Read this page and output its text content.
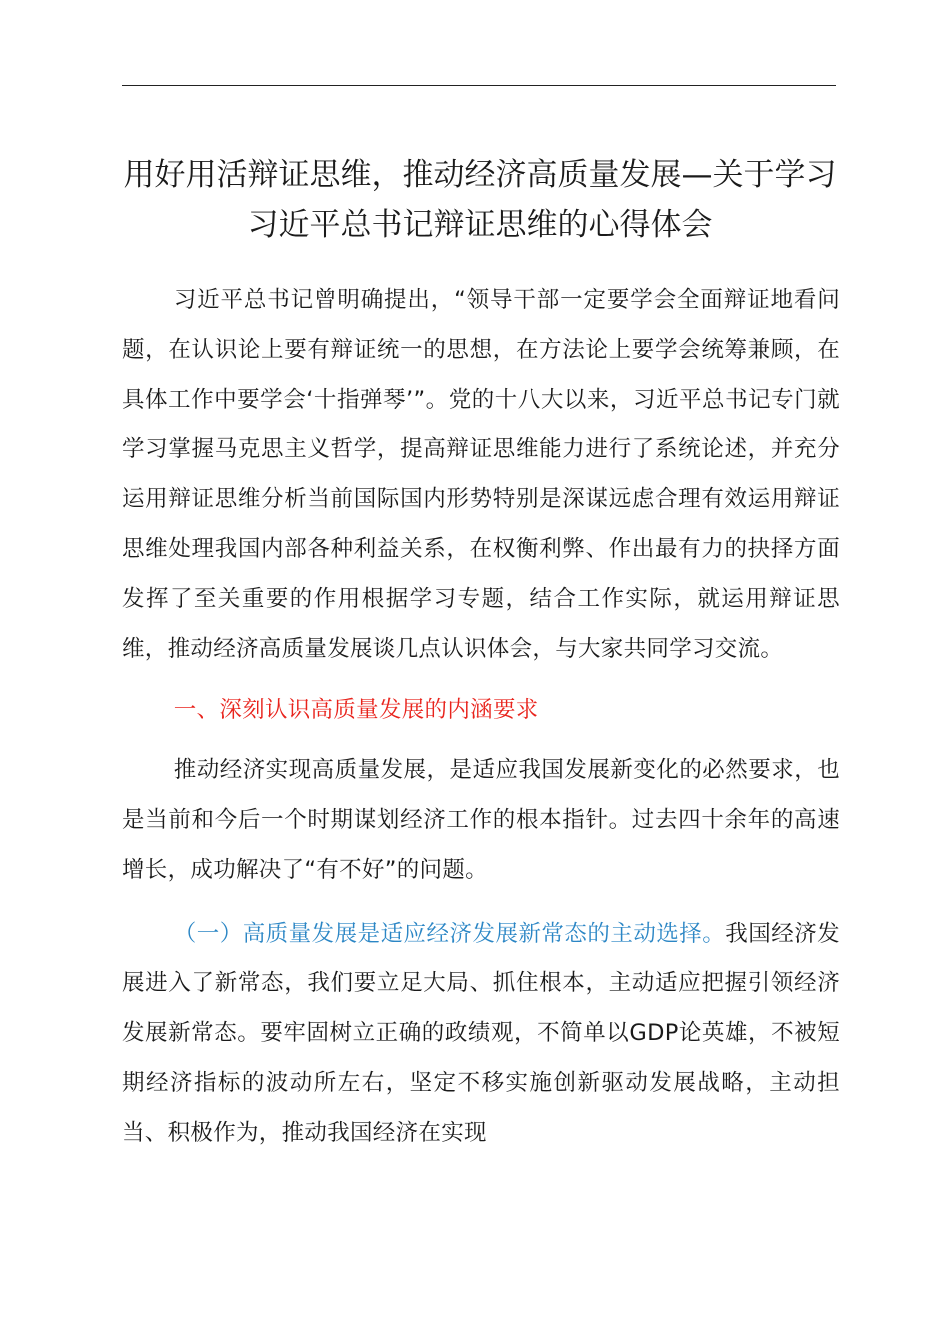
用好用活辩证思维，推动经济高质量发展—关于学习习近平总书记辩证思维的心得体会

习近平总书记曾明确提出，“领导干部一定要学会全面辩证地看问题，在认识论上要有辩证统一的思想，在方法论上要学会统筹兼顾，在具体工作中要学会‘十指弹琴’”。党的十八大以来，习近平总书记专门就学习掌握马克思主义哲学，提高辩证思维能力进行了系统论述，并充分运用辩证思维分析当前国际国内形势特别是深谋远虑合理有效运用辩证思维处理我国内部各种利益关系，在权衡利弊、作出最有力的抉择方面发挥了至关重要的作用根据学习专题，结合工作实际，就运用辩证思维，推动经济高质量发展谈几点认识体会，与大家共同学习交流。

一、深刻认识高质量发展的内涵要求

推动经济实现高质量发展，是适应我国发展新变化的必然要求，也是当前和今后一个时期谋划经济工作的根本指针。过去四十余年的高速增长，成功解决了“有不好”的问题。

（一）高质量发展是适应经济发展新常态的主动选择。我国经济发展进入了新常态，我们要立足大局、抓住根本，主动适应把握引领经济发展新常态。要牢固树立正确的政绩观，不简单以GDP论英雄，不被短期经济指标的波动所左右，坚定不移实施创新驱动发展战略，主动担当、积极作为，推动我国经济在实现
